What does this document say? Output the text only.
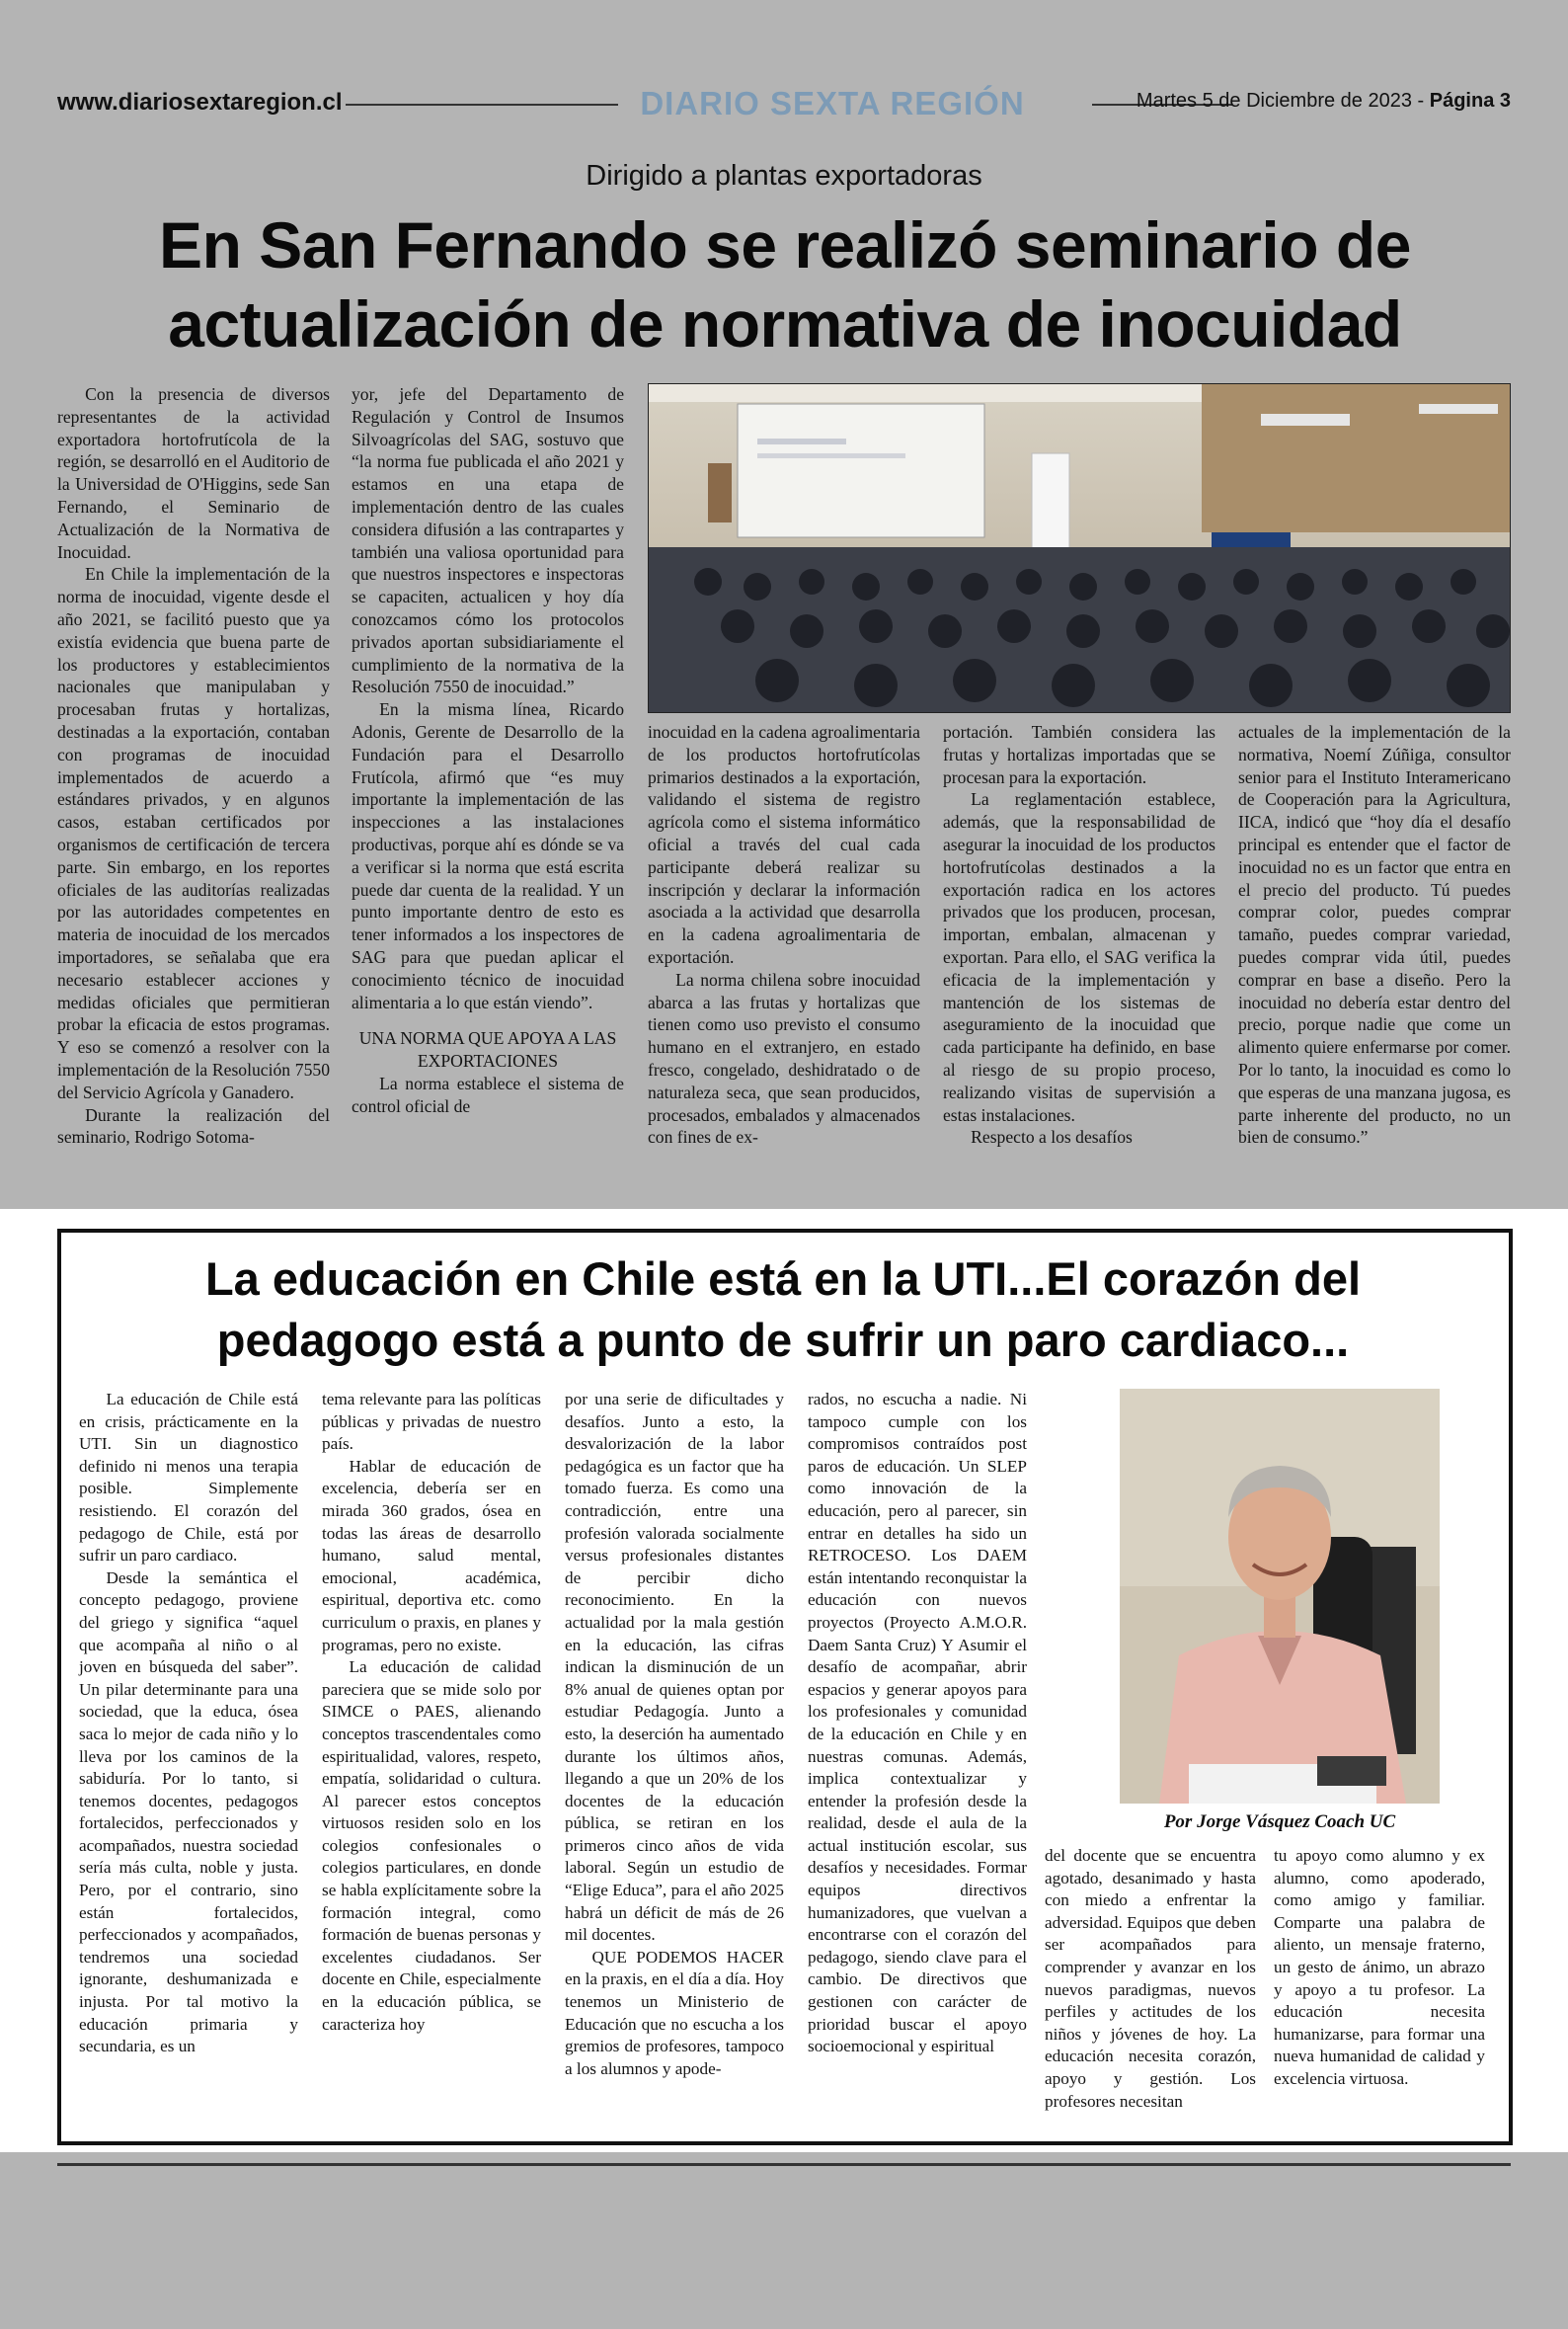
www.diariosextaregion.cl	DIARIO SEXTA REGIÓN	Martes 5 de Diciembre de 2023 - Página 3
Dirigido a plantas exportadoras
En San Fernando se realizó seminario de
actualización de normativa de inocuidad

Con la presencia de diversos representantes de la actividad exportadora hortofrutícola de la región, se desarrolló en el Auditorio de la Universidad de O'Higgins, sede San Fernando, el Seminario de Actualización de la Normativa de Inocuidad.

En Chile la implementación de la norma de inocuidad, vigente desde el año 2021, se facilitó puesto que ya existía evidencia que buena parte de los productores y establecimientos nacionales que manipulaban y procesaban frutas y hortalizas, destinadas a la exportación, contaban con programas de inocuidad implementados de acuerdo a estándares privados, y en algunos casos, estaban certificados por organismos de certificación de tercera parte. Sin embargo, en los reportes oficiales de las auditorías realizadas por las autoridades competentes en materia de inocuidad de los mercados importadores, se señalaba que era necesario establecer acciones y medidas oficiales que permitieran probar la eficacia de estos programas. Y eso se comenzó a resolver con la implementación de la Resolución 7550 del Servicio Agrícola y Ganadero.

Durante la realización del seminario, Rodrigo Sotoma-

yor, jefe del Departamento de Regulación y Control de Insumos Silvoagrícolas del SAG, sostuvo que “la norma fue publicada el año 2021 y estamos en una etapa de implementación dentro de las cuales considera difusión a las contrapartes y también una valiosa oportunidad para que nuestros inspectores e inspectoras se capaciten, actualicen y hoy día conozcamos cómo los protocolos privados aportan subsidiariamente el cumplimiento de la normativa de la Resolución 7550 de inocuidad.”

En la misma línea, Ricardo Adonis, Gerente de Desarrollo de la Fundación para el Desarrollo Frutícola, afirmó que “es muy importante la implementación de las inspecciones a las instalaciones productivas, porque ahí es dónde se va a verificar si la norma que está escrita puede dar cuenta de la realidad. Y un punto importante dentro de esto es tener informados a los inspectores de SAG para que puedan aplicar el conocimiento técnico de inocuidad alimentaria a lo que están viendo”.

UNA NORMA QUE APOYA A LAS EXPORTACIONES

La norma establece el sistema de control oficial de

inocuidad en la cadena agroalimentaria de los productos hortofrutícolas primarios destinados a la exportación, validando el sistema de registro agrícola como el sistema informático oficial a través del cual cada participante deberá realizar su inscripción y declarar la información asociada a la actividad que desarrolla en la cadena agroalimentaria de exportación.

La norma chilena sobre inocuidad abarca a las frutas y hortalizas que tienen como uso previsto el consumo humano en el extranjero, en estado fresco, congelado, deshidratado o de naturaleza seca, que sean producidos, procesados, embalados y almacenados con fines de ex-

portación. También considera las frutas y hortalizas importadas que se procesan para la exportación.

La reglamentación establece, además, que la responsabilidad de asegurar la inocuidad de los productos hortofrutícolas destinados a la exportación radica en los actores privados que los producen, procesan, importan, embalan, almacenan y exportan. Para ello, el SAG verifica la eficacia de la implementación y mantención de los sistemas de aseguramiento de la inocuidad que cada participante ha definido, en base al riesgo de su propio proceso, realizando visitas de supervisión a estas instalaciones.

Respecto a los desafíos

actuales de la implementación de la normativa, Noemí Zúñiga, consultor senior para el Instituto Interamericano de Cooperación para la Agricultura, IICA, indicó que “hoy día el desafío principal es entender que el factor de inocuidad no es un factor que entra en el precio del producto. Tú puedes comprar color, puedes comprar tamaño, puedes comprar variedad, puedes comprar vida útil, puedes comprar en base a diseño. Pero la inocuidad no debería estar dentro del precio, porque nadie que come un alimento quiere enfermarse por comer. Por lo tanto, la inocuidad es como lo que esperas de una manzana jugosa, es parte inherente del producto, no un bien de consumo.”

La educación en Chile está en la UTI...El corazón del
pedagogo está a punto de sufrir un paro cardiaco...

La educación de Chile está en crisis, prácticamente en la UTI. Sin un diagnostico definido ni menos una terapia posible. Simplemente resistiendo. El corazón del pedagogo de Chile, está por sufrir un paro cardiaco.

Desde la semántica el concepto pedagogo, proviene del griego y significa “aquel que acompaña al niño o al joven en búsqueda del saber”. Un pilar determinante para una sociedad, que la educa, ósea saca lo mejor de cada niño y lo lleva por los caminos de la sabiduría. Por lo tanto, si tenemos docentes, pedagogos fortalecidos, perfeccionados y acompañados, nuestra sociedad sería más culta, noble y justa. Pero, por el contrario, sino están fortalecidos, perfeccionados y acompañados, tendremos una sociedad ignorante, deshumanizada e injusta. Por tal motivo la educación primaria y secundaria, es un

tema relevante para las políticas públicas y privadas de nuestro país.

Hablar de educación de excelencia, debería ser en mirada 360 grados, ósea en todas las áreas de desarrollo humano, salud mental, emocional, académica, espiritual, deportiva etc. como curriculum o praxis, en planes y programas, pero no existe.

La educación de calidad pareciera que se mide solo por SIMCE o PAES, alienando conceptos trascendentales como espiritualidad, valores, respeto, empatía, solidaridad o cultura. Al parecer estos conceptos virtuosos residen solo en los colegios confesionales o colegios particulares, en donde se habla explícitamente sobre la formación integral, como formación de buenas personas y excelentes ciudadanos. Ser docente en Chile, especialmente en la educación pública, se caracteriza hoy

por una serie de dificultades y desafíos. Junto a esto, la desvalorización de la labor pedagógica es un factor que ha tomado fuerza. Es como una contradicción, entre una profesión valorada socialmente versus profesionales distantes de percibir dicho reconocimiento. En la actualidad por la mala gestión en la educación, las cifras indican la disminución de un 8% anual de quienes optan por estudiar Pedagogía. Junto a esto, la deserción ha aumentado durante los últimos años, llegando a que un 20% de los docentes de la educación pública, se retiran en los primeros cinco años de vida laboral. Según un estudio de “Elige Educa”, para el año 2025 habrá un déficit de más de 26 mil docentes.

QUE PODEMOS HACER en la praxis, en el día a día. Hoy tenemos un Ministerio de Educación que no escucha a los gremios de profesores, tampoco a los alumnos y apode-

rados, no escucha a nadie. Ni tampoco cumple con los compromisos contraídos post paros de educación. Un SLEP como innovación de la educación, pero al parecer, sin entrar en detalles ha sido un RETROCESO. Los DAEM están intentando reconquistar la educación con nuevos proyectos (Proyecto A.M.O.R. Daem Santa Cruz) Y Asumir el desafío de acompañar, abrir espacios y generar apoyos para los profesionales y comunidad de la educación en Chile y en nuestras comunas. Además, implica contextualizar y entender la profesión desde la realidad, desde el aula de la actual institución escolar, sus desafíos y necesidades. Formar equipos directivos humanizadores, que vuelvan a encontrarse con el corazón del pedagogo, siendo clave para el cambio. De directivos que gestionen con carácter de prioridad buscar el apoyo socioemocional y espiritual

Por Jorge Vásquez Coach UC

del docente que se encuentra agotado, desanimado y hasta con miedo a enfrentar la adversidad. Equipos que deben ser acompañados para comprender y avanzar en los nuevos paradigmas, nuevos perfiles y actitudes de los niños y jóvenes de hoy. La educación necesita corazón, apoyo y gestión. Los profesores necesitan

tu apoyo como alumno y ex alumno, como apoderado, como amigo y familiar. Comparte una palabra de aliento, un mensaje fraterno, un gesto de ánimo, un abrazo y apoyo a tu profesor. La educación necesita humanizarse, para formar una nueva humanidad de calidad y excelencia virtuosa.
